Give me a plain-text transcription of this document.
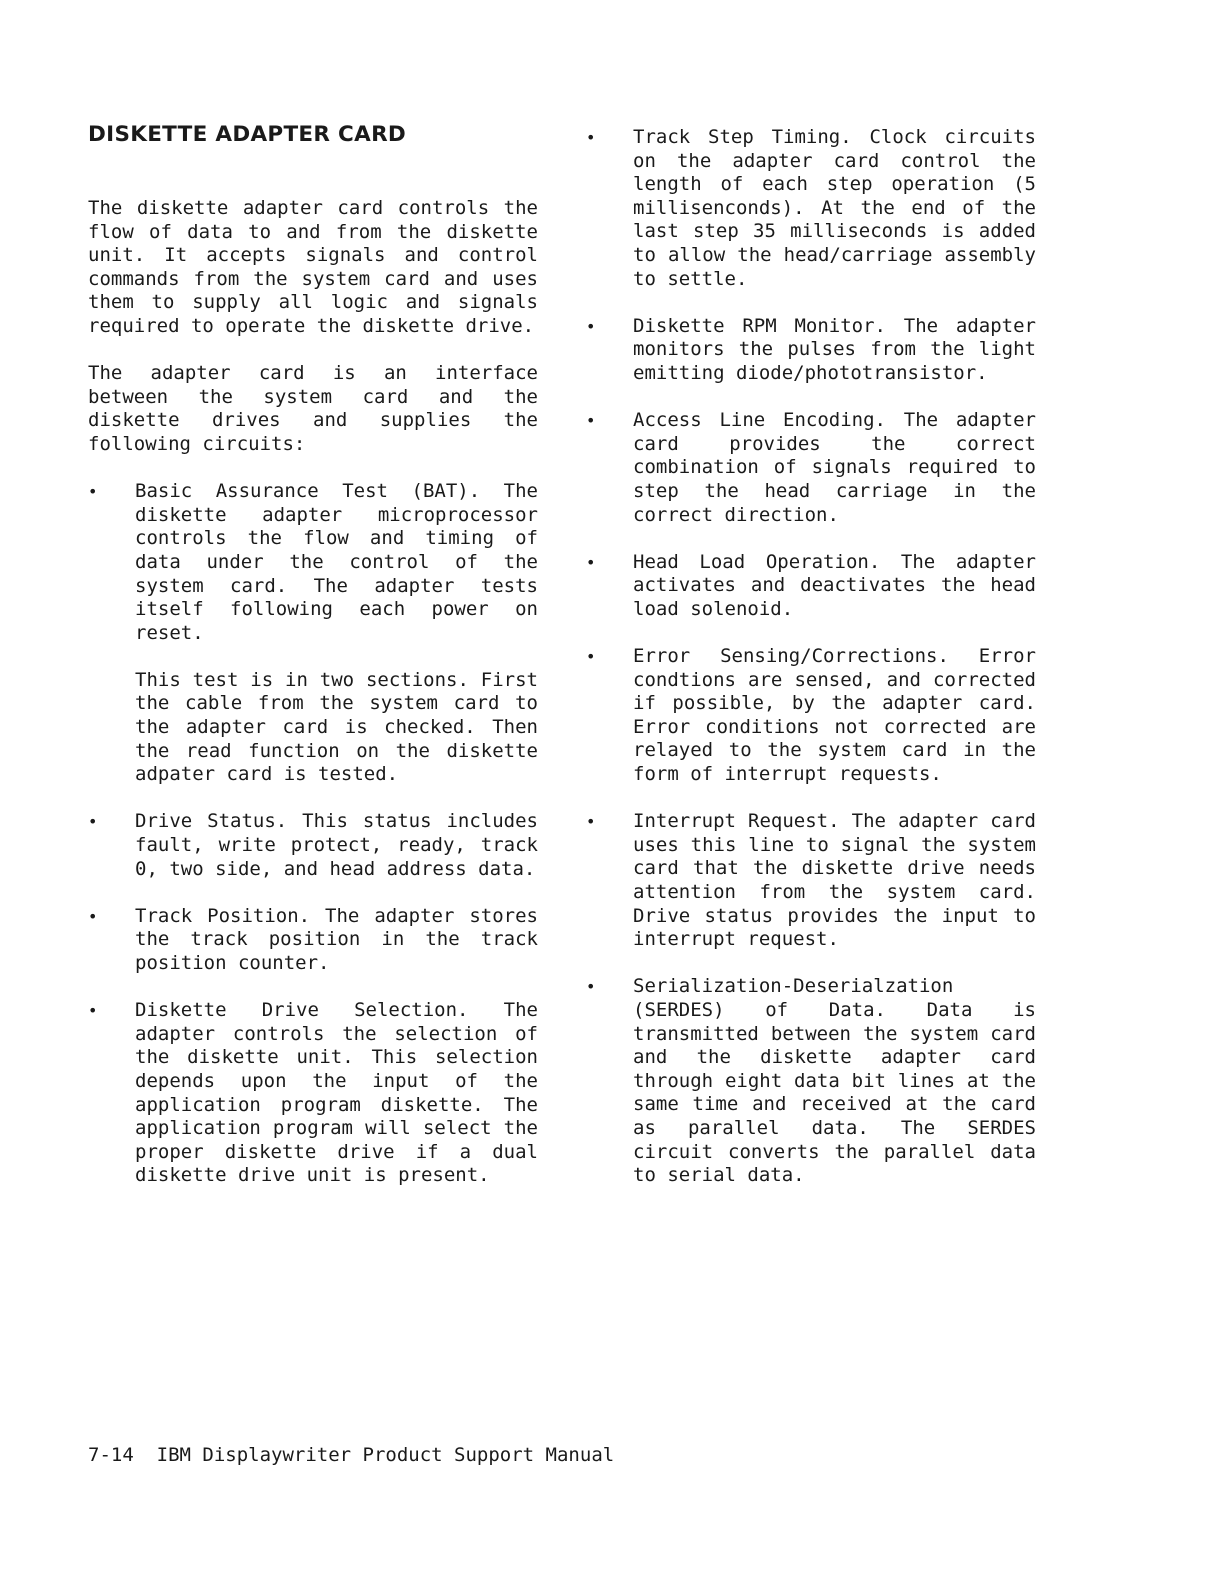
DISKETTE ADAPTER CARD

The diskette adapter card controls the flow of data to and from the diskette unit. It accepts signals and control commands from the system card and uses them to supply all logic and signals required to operate the diskette drive.

The adapter card is an interface between the system card and the diskette drives and supplies the following circuits:

• Basic Assurance Test (BAT). The diskette adapter microprocessor controls the flow and timing of data under the control of the system card. The adapter tests itself following each power on reset.

This test is in two sections. First the cable from the system card to the adapter card is checked. Then the read function on the diskette adpater card is tested.

• Drive Status. This status includes fault, write protect, ready, track 0, two side, and head address data.

• Track Position. The adapter stores the track position in the track position counter.

• Diskette Drive Selection. The adapter controls the selection of the diskette unit. This selection depends upon the input of the application program diskette. The application program will select the proper diskette drive if a dual diskette drive unit is present.

• Track Step Timing. Clock circuits on the adapter card control the length of each step operation (5 millisenconds). At the end of the last step 35 milliseconds is added to allow the head/carriage assembly to settle.

• Diskette RPM Monitor. The adapter monitors the pulses from the light emitting diode/phototransistor.

• Access Line Encoding. The adapter card provides the correct combination of signals required to step the head carriage in the correct direction.

• Head Load Operation. The adapter activates and deactivates the head load solenoid.

• Error Sensing/Corrections. Error condtions are sensed, and corrected if possible, by the adapter card. Error conditions not corrected are relayed to the system card in the form of interrupt requests.

• Interrupt Request. The adapter card uses this line to signal the system card that the diskette drive needs attention from the system card. Drive status provides the input to interrupt request.

• Serialization-Deserialzation (SERDES) of Data. Data is transmitted between the system card and the diskette adapter card through eight data bit lines at the same time and received at the card as parallel data. The SERDES circuit converts the parallel data to serial data.

7-14  IBM Displaywriter Product Support Manual
